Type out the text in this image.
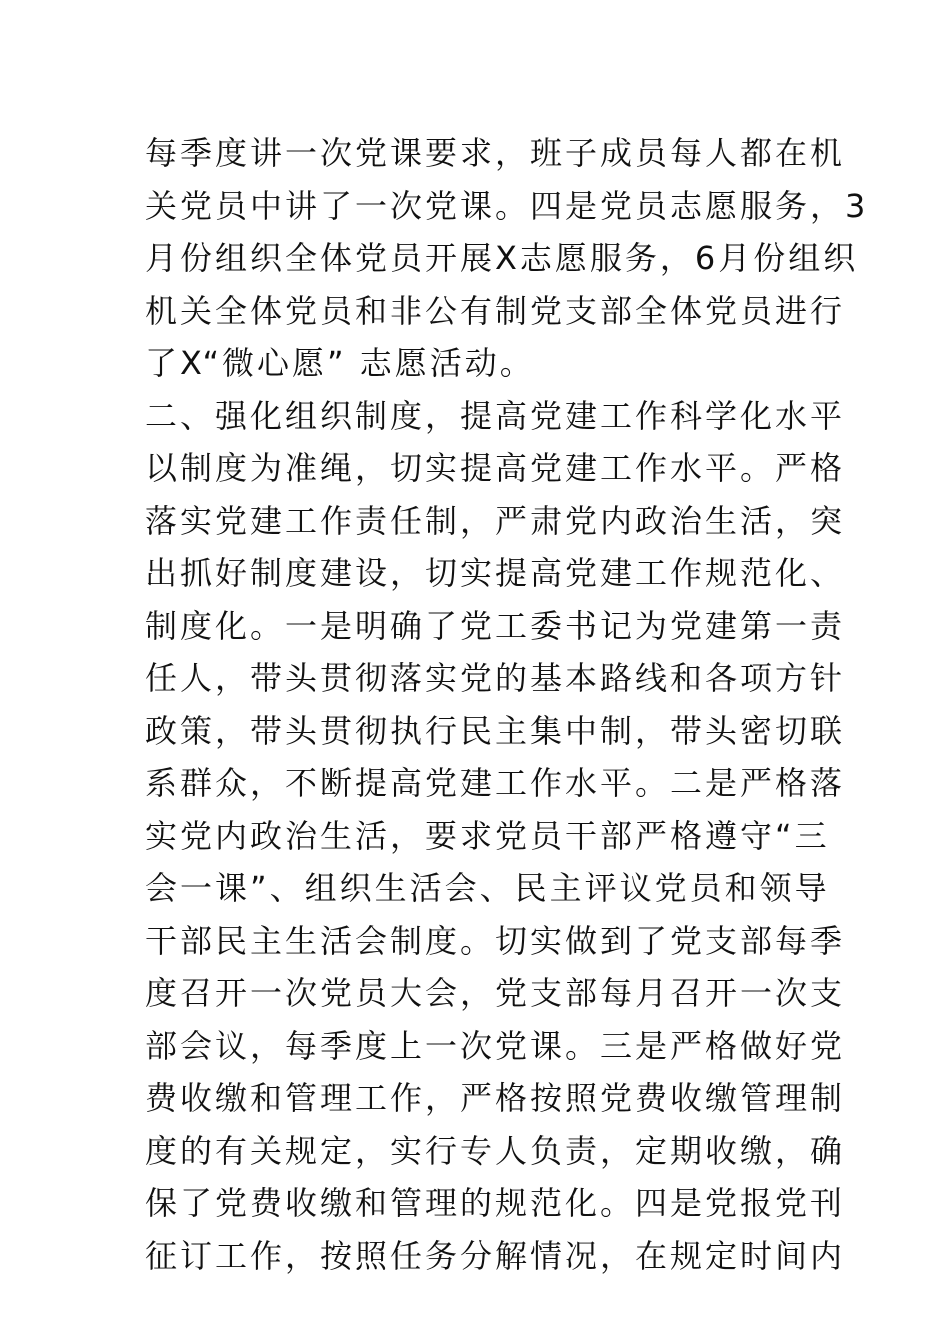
每季度讲一次党课要求，班子成员每人都在机
关党员中讲了一次党课。四是党员志愿服务，3
月份组织全体党员开展X志愿服务，6月份组织
机关全体党员和非公有制党支部全体党员进行
了X“微心愿” 志愿活动。
二、强化组织制度，提高党建工作科学化水平
以制度为准绳，切实提高党建工作水平。严格
落实党建工作责任制，严肃党内政治生活，突
出抓好制度建设，切实提高党建工作规范化、
制度化。一是明确了党工委书记为党建第一责
任人，带头贯彻落实党的基本路线和各项方针
政策，带头贯彻执行民主集中制，带头密切联
系群众，不断提高党建工作水平。二是严格落
实党内政治生活，要求党员干部严格遵守“三
会一课”、组织生活会、民主评议党员和领导
干部民主生活会制度。切实做到了党支部每季
度召开一次党员大会，党支部每月召开一次支
部会议，每季度上一次党课。三是严格做好党
费收缴和管理工作，严格按照党费收缴管理制
度的有关规定，实行专人负责，定期收缴，确
保了党费收缴和管理的规范化。四是党报党刊
征订工作，按照任务分解情况，在规定时间内
